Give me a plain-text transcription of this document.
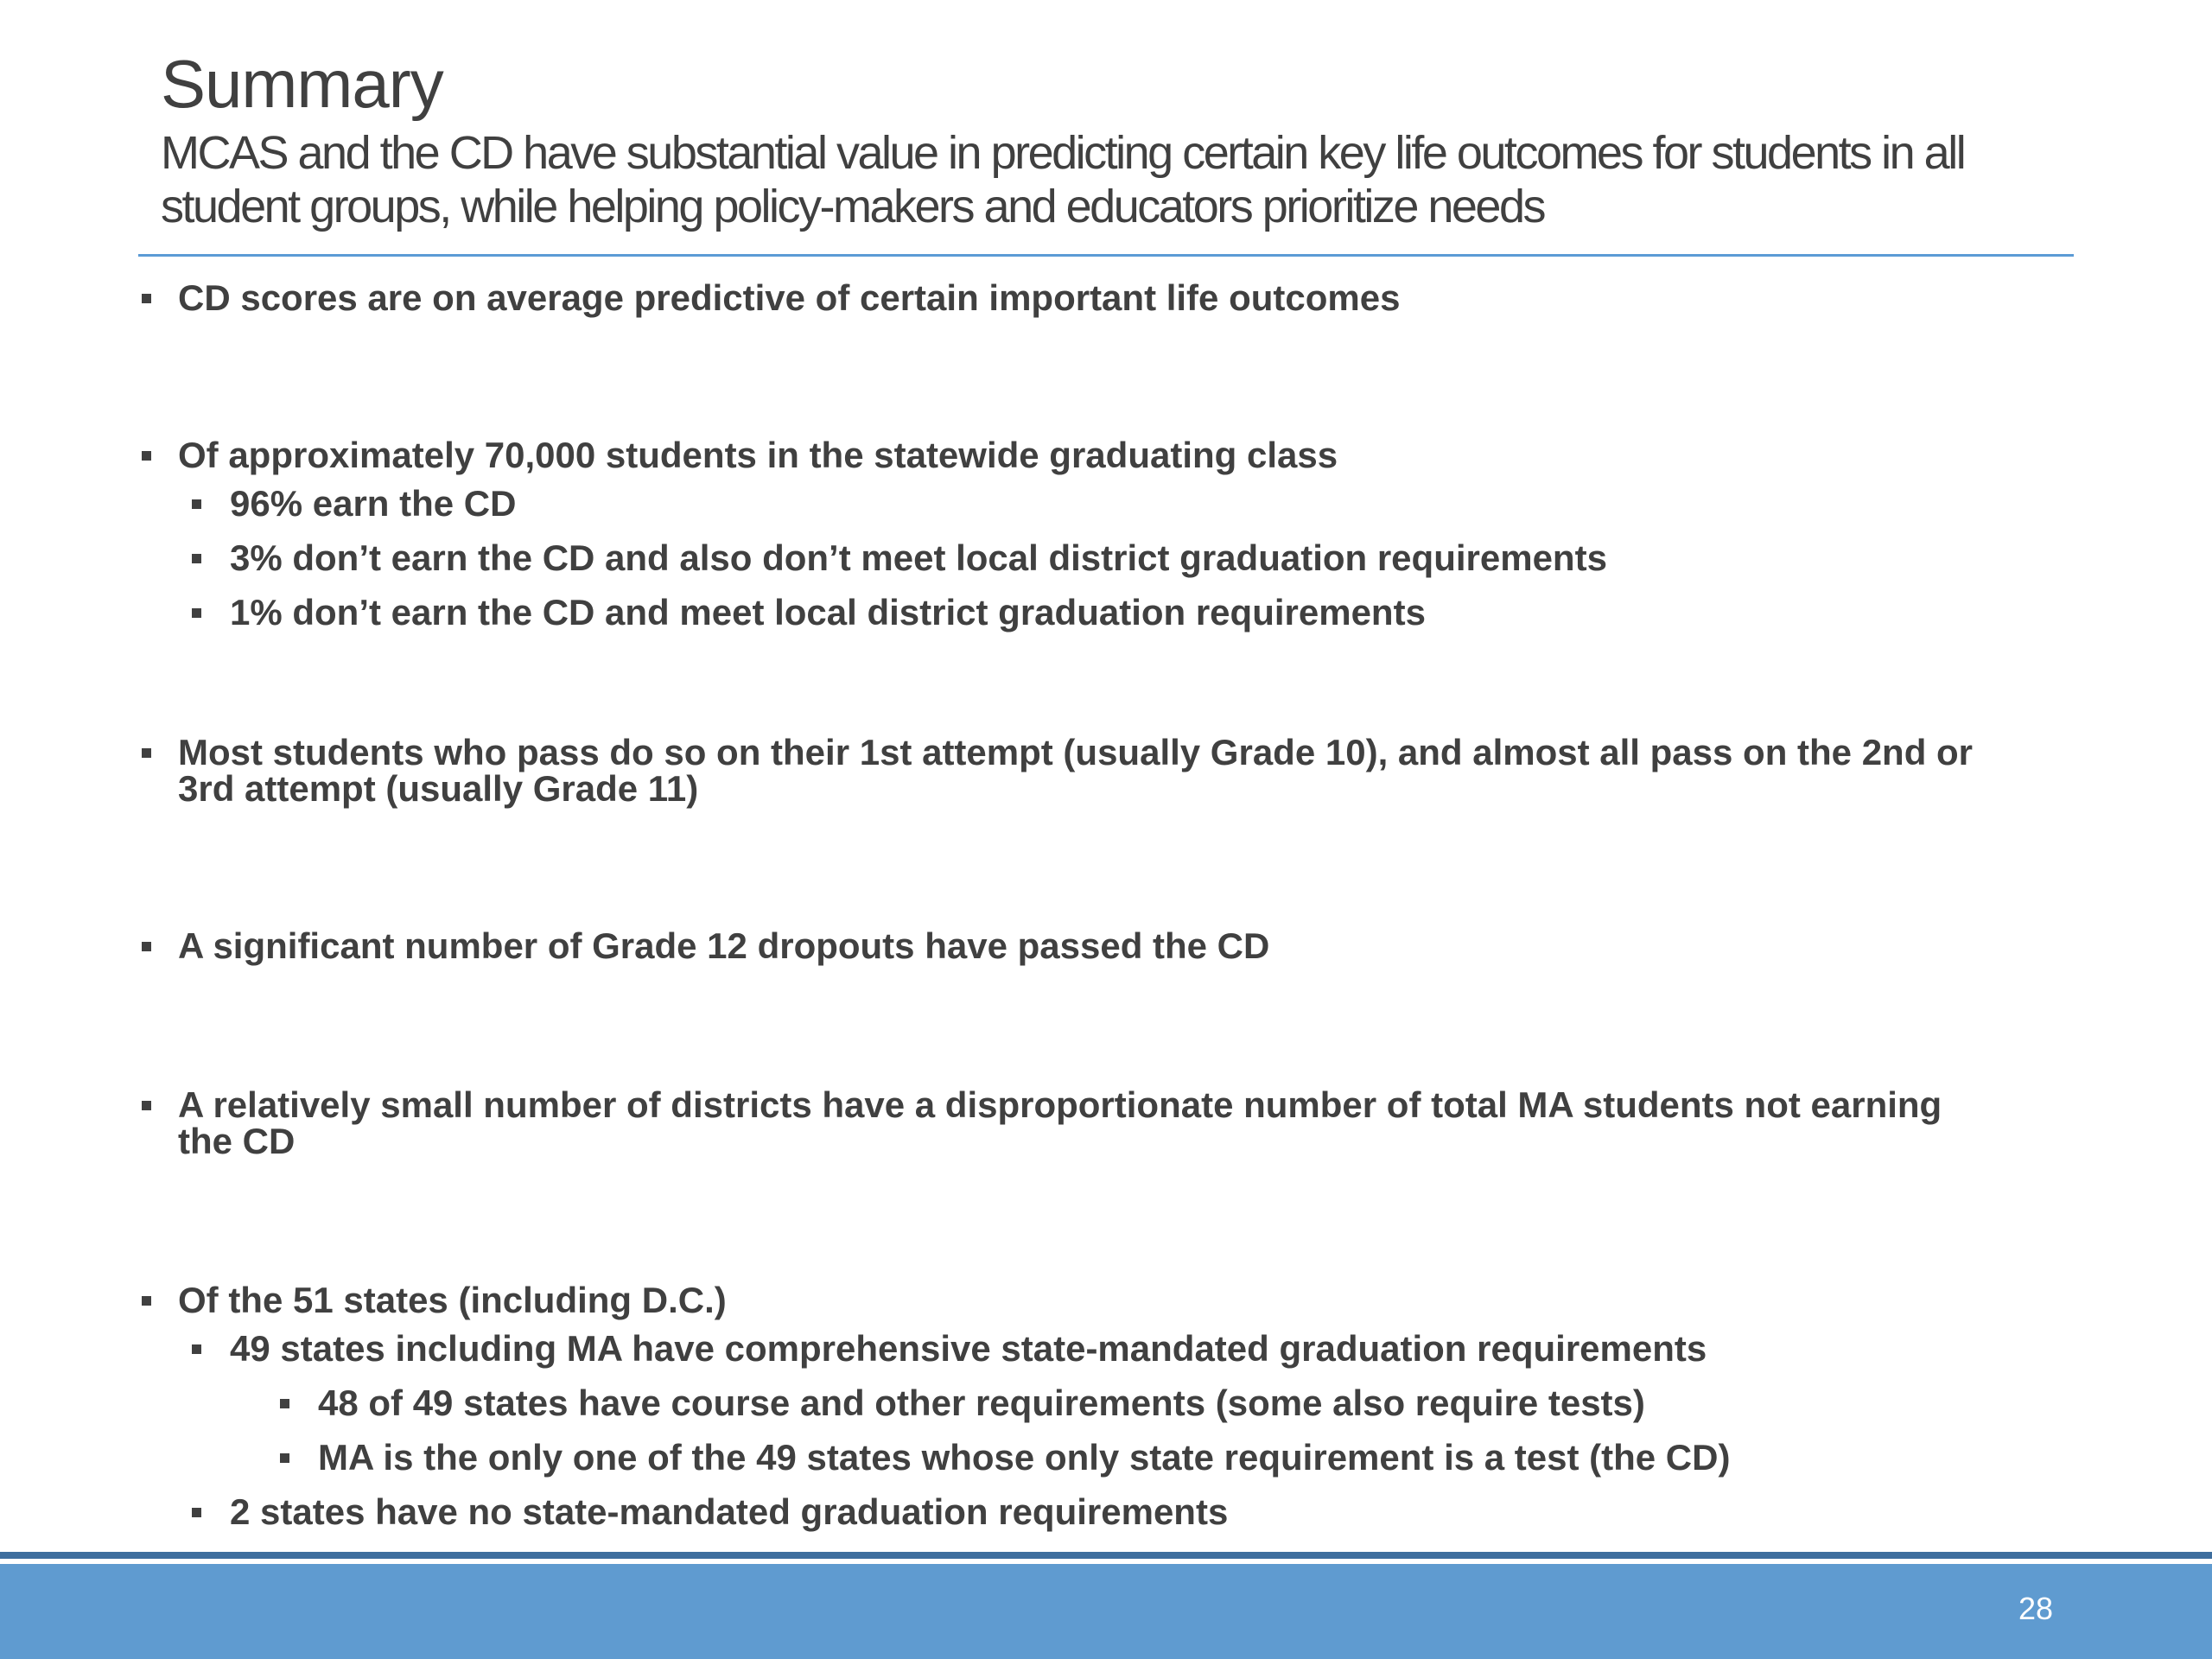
Summary
MCAS and the CD have substantial value in predicting certain key life outcomes for students in all student groups, while helping policy-makers and educators prioritize needs
CD scores are on average predictive of certain important life outcomes
Of approximately 70,000 students in the statewide graduating class
96% earn the CD
3% don’t earn the CD and also don’t meet local district graduation requirements
1% don’t earn the CD and meet local district graduation requirements
Most students who pass do so on their 1st attempt (usually Grade 10), and almost all pass on the 2nd or 3rd attempt (usually Grade 11)
A significant number of Grade 12 dropouts have passed the CD
A relatively small number of districts have a disproportionate number of total MA students not earning the CD
Of the 51 states (including D.C.)
49 states including MA have comprehensive state-mandated graduation requirements
48 of 49 states have course and other requirements (some also require tests)
MA is the only one of the 49 states whose only state requirement is a test (the CD)
2 states have no state-mandated graduation requirements
28
